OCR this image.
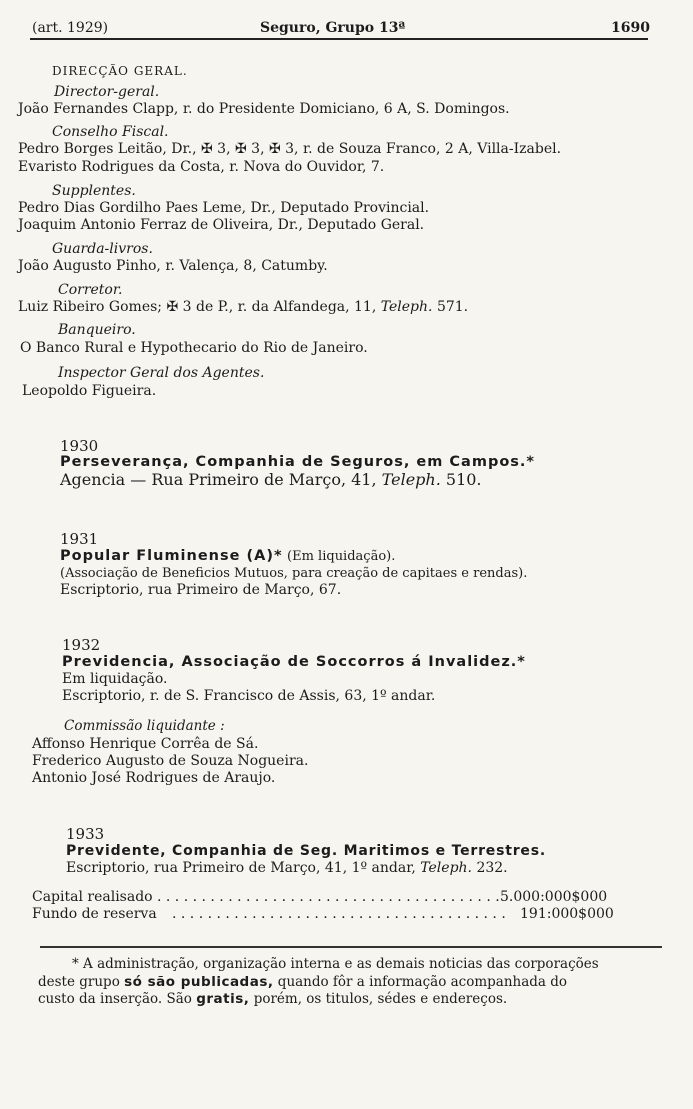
(art. 1929)	Seguro, Grupo 13ª	1690
DIRECÇÃO GERAL.
Director-geral.
João Fernandes Clapp, r. do Presidente Domiciano, 6 A, S. Domingos.
Conselho Fiscal.
Pedro Borges Leitão, Dr., ✠ 3, ✠ 3, ✠ 3, r. de Souza Franco, 2 A, Villa-Izabel.
Evaristo Rodrigues da Costa, r. Nova do Ouvidor, 7.
Supplentes.
Pedro Dias Gordilho Paes Leme, Dr., Deputado Provincial.
Joaquim Antonio Ferraz de Oliveira, Dr., Deputado Geral.
Guarda-livros.
João Augusto Pinho, r. Valença, 8, Catumby.
Corretor.
Luiz Ribeiro Gomes; ✠ 3 de P., r. da Alfandega, 11, Teleph. 571.
Banqueiro.
O Banco Rural e Hypothecario do Rio de Janeiro.
Inspector Geral dos Agentes.
Leopoldo Figueira.
1930
Perseverança, Companhia de Seguros, em Campos.*
Agencia — Rua Primeiro de Março, 41, Teleph. 510.
1931
Popular Fluminense (A)* (Em liquidação).
(Associação de Beneficios Mutuos, para creação de capitaes e rendas).
Escriptorio, rua Primeiro de Março, 67.
1932
Previdencia, Associação de Soccorros á Invalidez.*
Em liquidação.
Escriptorio, r. de S. Francisco de Assis, 63, 1º andar.
Commissão liquidante :
Affonso Henrique Corrêa de Sá.
Frederico Augusto de Souza Nogueira.
Antonio José Rodrigues de Araujo.
1933
Previdente, Companhia de Seg. Maritimos e Terrestres.
Escriptorio, rua Primeiro de Março, 41, 1º andar, Teleph. 232.
Capital realisado . . . . . . . . . . . . . . . . . . . . . . . . . . . . . . . . . . . . . . . 5.000:000$000
Fundo de reserva . . . . . . . . . . . . . . . . . . . . . . . . . . . . . . . . . . . . . . 191:000$000
* A administração, organização interna e as demais noticias das corporações
deste grupo só são publicadas, quando fôr a informação acompanhada do
custo da inserção. São gratis, porém, os titulos, sédes e endereços.
